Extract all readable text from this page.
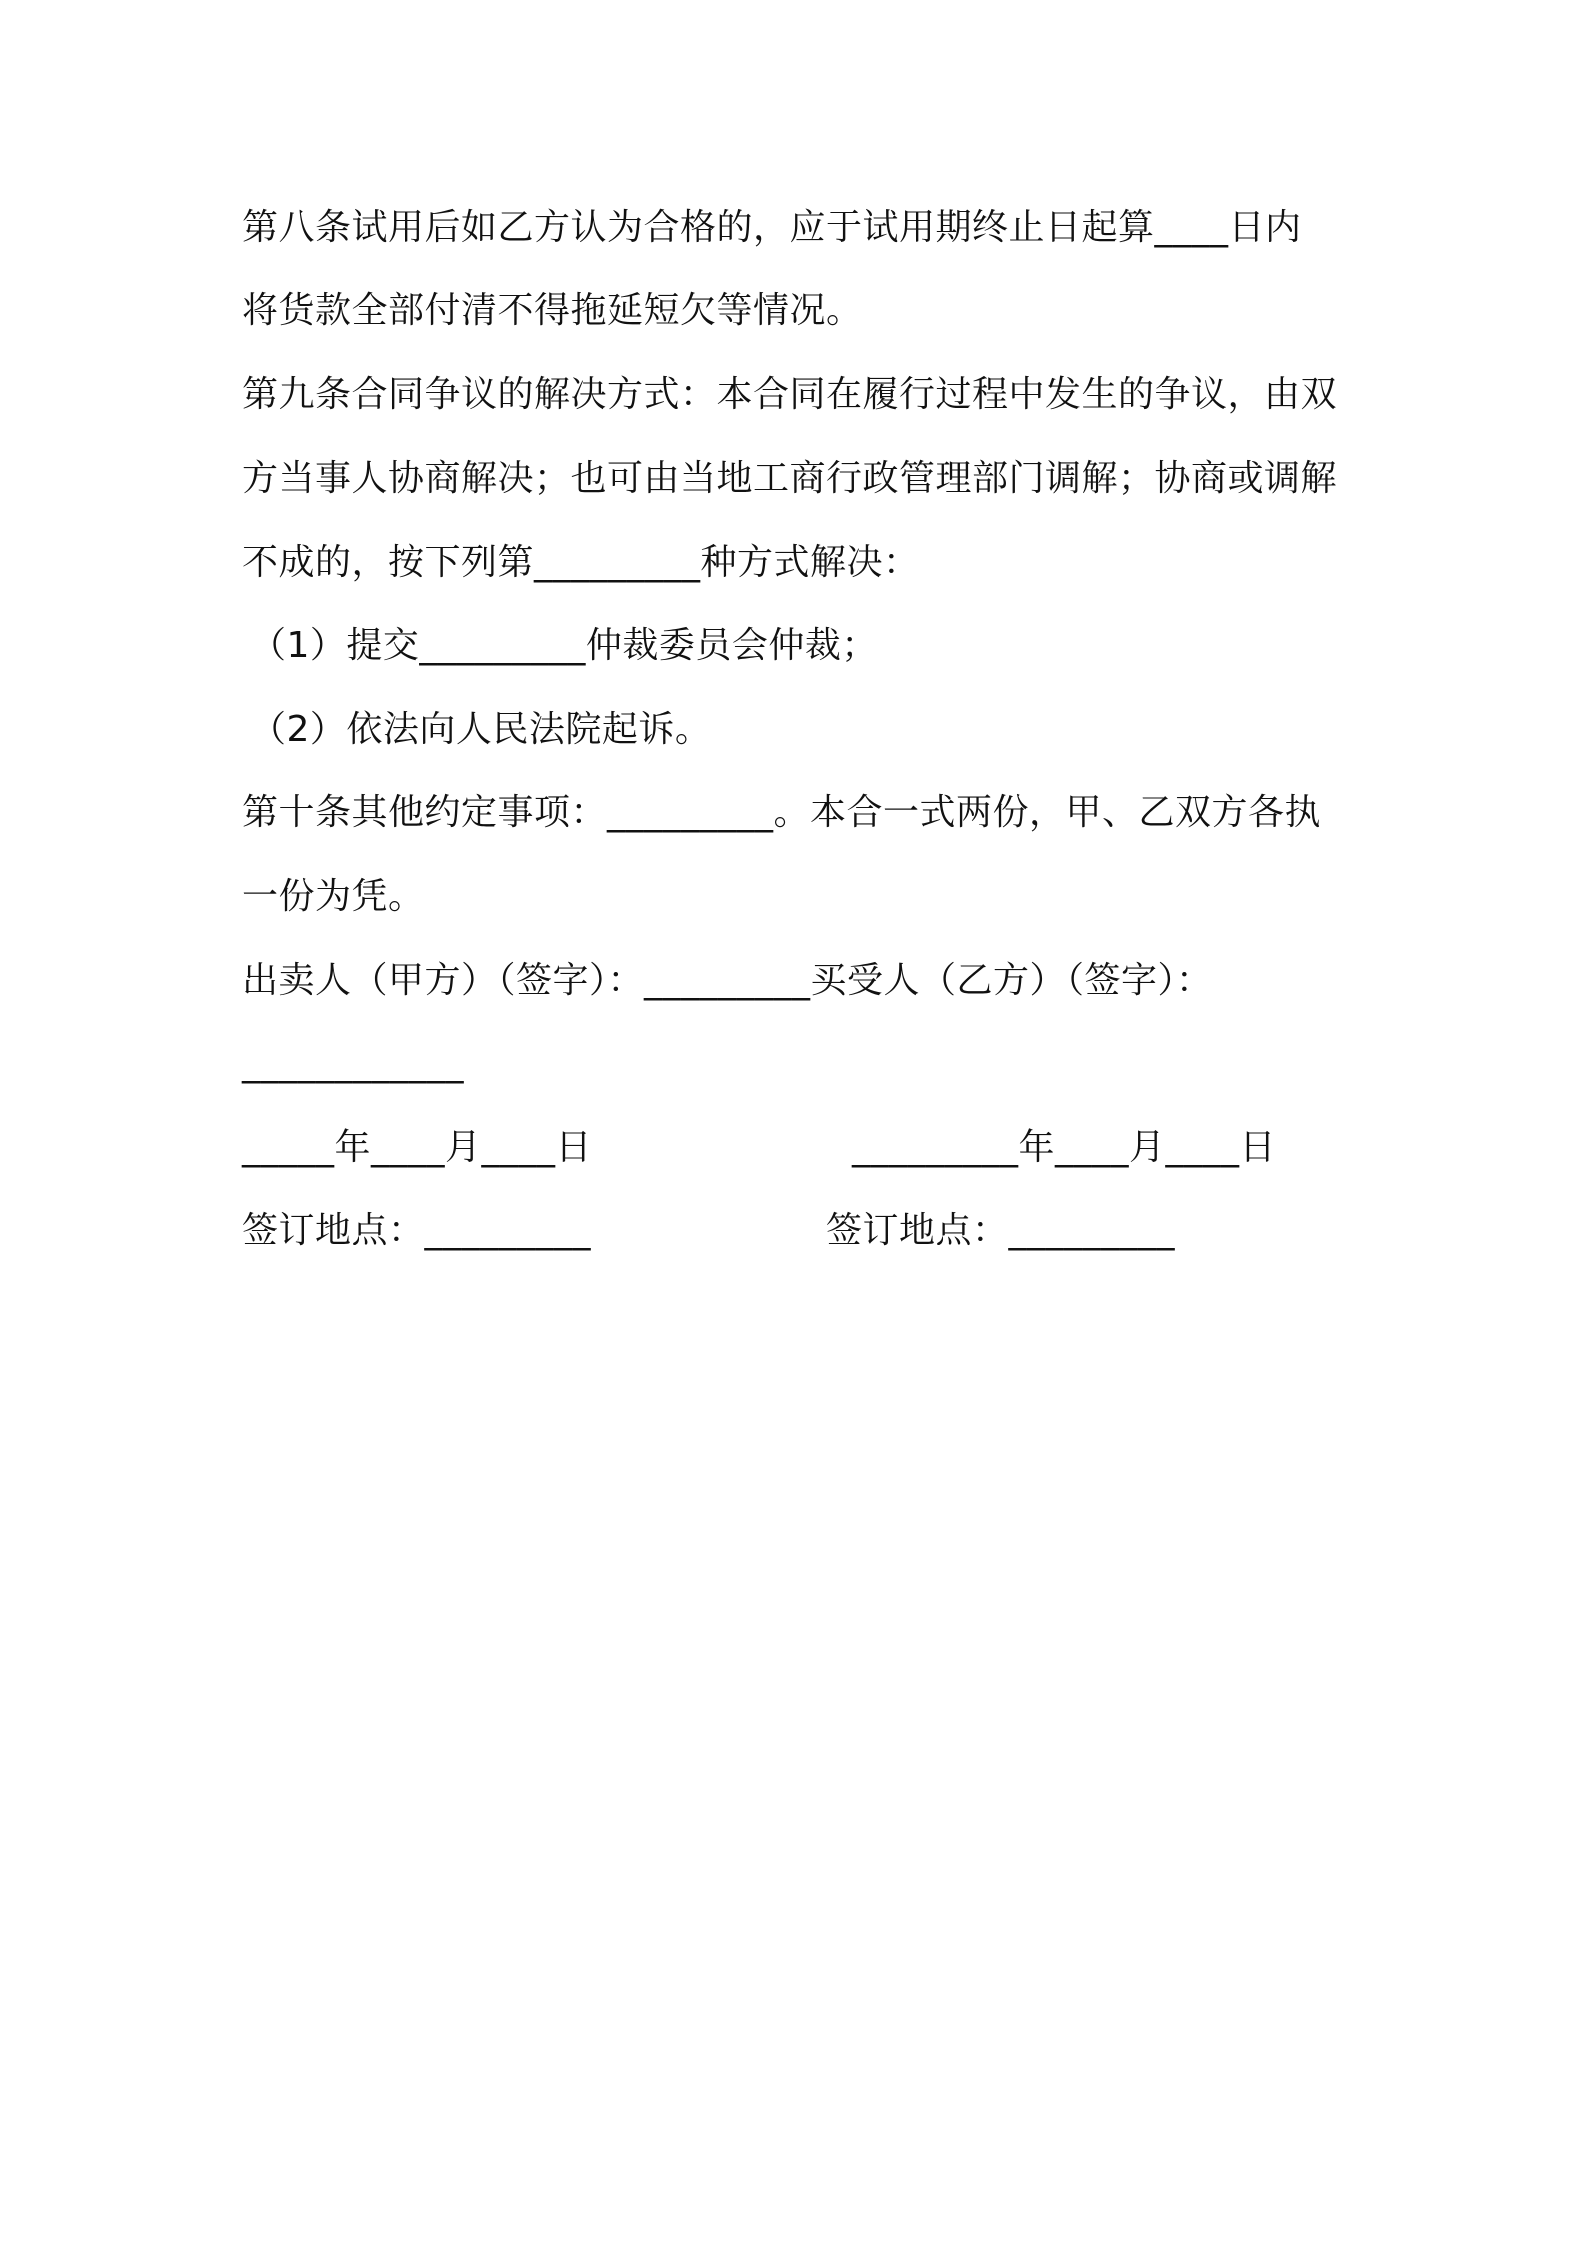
第八条试用后如乙方认为合格的，应于试用期终止日起算____日内
将货款全部付清不得拖延短欠等情况。
第九条合同争议的解决方式：本合同在履行过程中发生的争议，由双
方当事人协商解决；也可由当地工商行政管理部门调解；协商或调解
不成的，按下列第_________种方式解决：
（1）提交_________仲裁委员会仲裁；
（2）依法向人民法院起诉。
第十条其他约定事项：_________。本合一式两份，甲、乙双方各执
一份为凭。
出卖人（甲方）（签字）：_________买受人（乙方）（签字）：
____________
_____年____月____日	_________年____月____日
签订地点：_________	签订地点：_________
